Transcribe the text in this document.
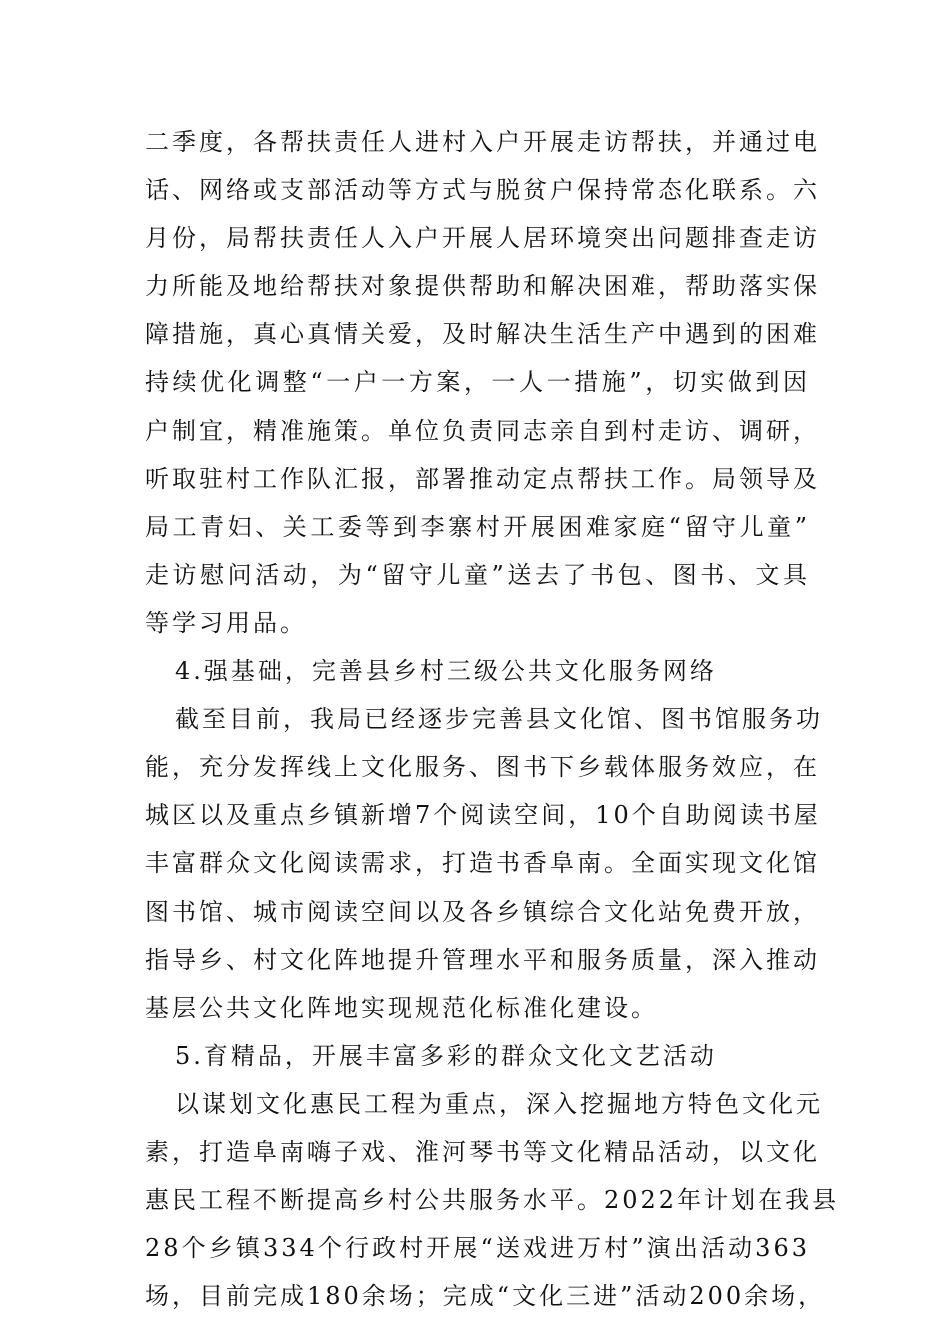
二季度，各帮扶责任人进村入户开展走访帮扶，并通过电
话、网络或支部活动等方式与脱贫户保持常态化联系。六
月份，局帮扶责任人入户开展人居环境突出问题排查走访
力所能及地给帮扶对象提供帮助和解决困难，帮助落实保
障措施，真心真情关爱，及时解决生活生产中遇到的困难
持续优化调整“一户一方案，一人一措施”，切实做到因
户制宜，精准施策。单位负责同志亲自到村走访、调研，
听取驻村工作队汇报，部署推动定点帮扶工作。局领导及
局工青妇、关工委等到李寨村开展困难家庭“留守儿童”
走访慰问活动，为“留守儿童”送去了书包、图书、文具
等学习用品。
4.强基础，完善县乡村三级公共文化服务网络
截至目前，我局已经逐步完善县文化馆、图书馆服务功
能，充分发挥线上文化服务、图书下乡载体服务效应，在
城区以及重点乡镇新增7个阅读空间，10个自助阅读书屋
丰富群众文化阅读需求，打造书香阜南。全面实现文化馆
图书馆、城市阅读空间以及各乡镇综合文化站免费开放，
指导乡、村文化阵地提升管理水平和服务质量，深入推动
基层公共文化阵地实现规范化标准化建设。
5.育精品，开展丰富多彩的群众文化文艺活动
以谋划文化惠民工程为重点，深入挖掘地方特色文化元
素，打造阜南嗨子戏、淮河琴书等文化精品活动，以文化
惠民工程不断提高乡村公共服务水平。2022年计划在我县
28个乡镇334个行政村开展“送戏进万村”演出活动363
场，目前完成180余场；完成“文化三进”活动200余场，
